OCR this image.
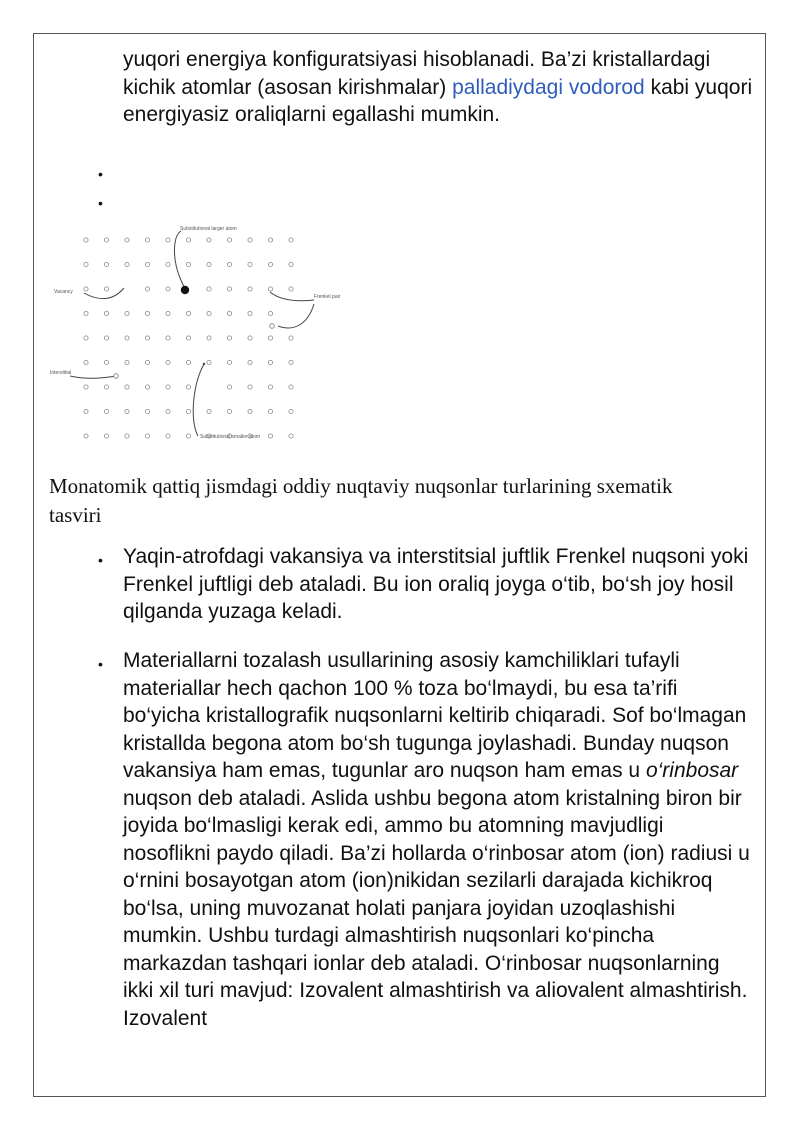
yuqori energiya konfiguratsiyasi hisoblanadi. Ba’zi kristallardagi kichik atomlar (asosan kirishmalar) palladiydagi vodorod kabi yuqori energiyasiz oraliqlarni egallashi mumkin.
•
•
Substitutional larger atom
Vacancy
Frenkel pair
Interstitial
Substitutional smaller atom
Monatomik qattiq jismdagi oddiy nuqtaviy nuqsonlar turlarining sxematik tasviri
• Yaqin-atrofdagi vakansiya va interstitsial juftlik Frenkel nuqsoni yoki Frenkel juftligi deb ataladi. Bu ion oraliq joyga o‘tib, bo‘sh joy hosil qilganda yuzaga keladi.
• Materiallarni tozalash usullarining asosiy kamchiliklari tufayli materiallar hech qachon 100 % toza bo‘lmaydi, bu esa ta’rifi bo‘yicha kristallografik nuqsonlarni keltirib chiqaradi. Sof bo‘lmagan kristallda begona atom bo‘sh tugunga joylashadi. Bunday nuqson vakansiya ham emas, tugunlar aro nuqson ham emas u o‘rinbosar nuqson deb ataladi. Aslida ushbu begona atom kristalning biron bir joyida bo‘lmasligi kerak edi, ammo bu atomning mavjudligi nosoflikni paydo qiladi. Ba’zi hollarda o‘rinbosar atom (ion) radiusi u o‘rnini bosayotgan atom (ion)nikidan sezilarli darajada kichikroq bo‘lsa, uning muvozanat holati panjara joyidan uzoqlashishi mumkin. Ushbu turdagi almashtirish nuqsonlari ko‘pincha markazdan tashqari ionlar deb ataladi. O‘rinbosar nuqsonlarning ikki xil turi mavjud: Izovalent almashtirish va aliovalent almashtirish. Izovalent
